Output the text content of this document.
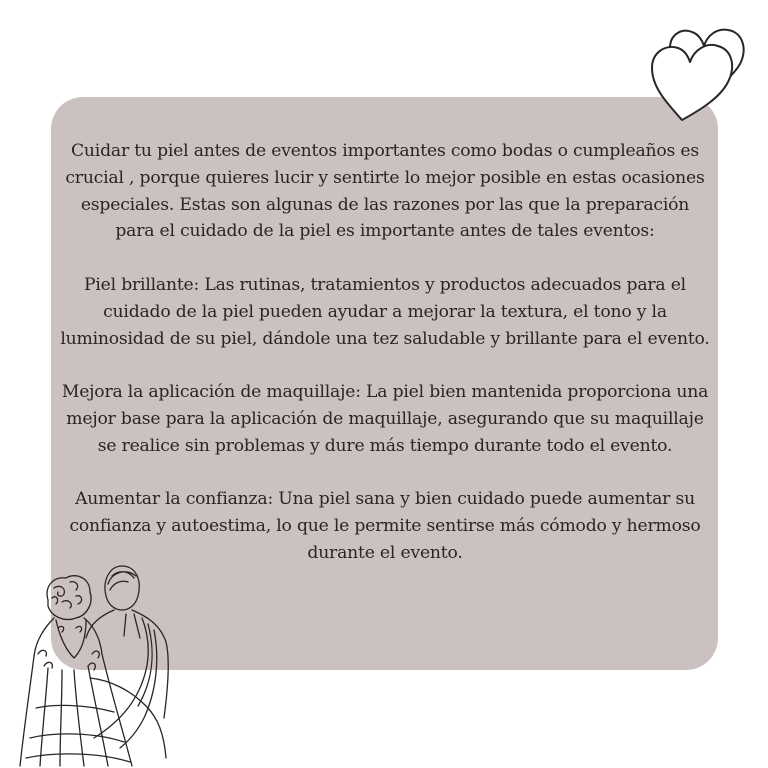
Cuidar tu piel antes de eventos importantes como bodas o cumpleaños es crucial , porque quieres lucir y sentirte lo mejor posible en estas ocasiones especiales. Estas son algunas de las razones por las que la preparación para el cuidado de la piel es importante antes de tales eventos:

Piel brillante: Las rutinas, tratamientos y productos adecuados para el cuidado de la piel pueden ayudar a mejorar la textura, el tono y la luminosidad de su piel, dándole una tez saludable y brillante para el evento.

Mejora la aplicación de maquillaje: La piel bien mantenida proporciona una mejor base para la aplicación de maquillaje, asegurando que su maquillaje se realice sin problemas y dure más tiempo durante todo el evento.

Aumentar la confianza: Una piel sana y bien cuidado puede aumentar su confianza y autoestima, lo que le permite sentirse más cómodo y hermoso durante el evento.
